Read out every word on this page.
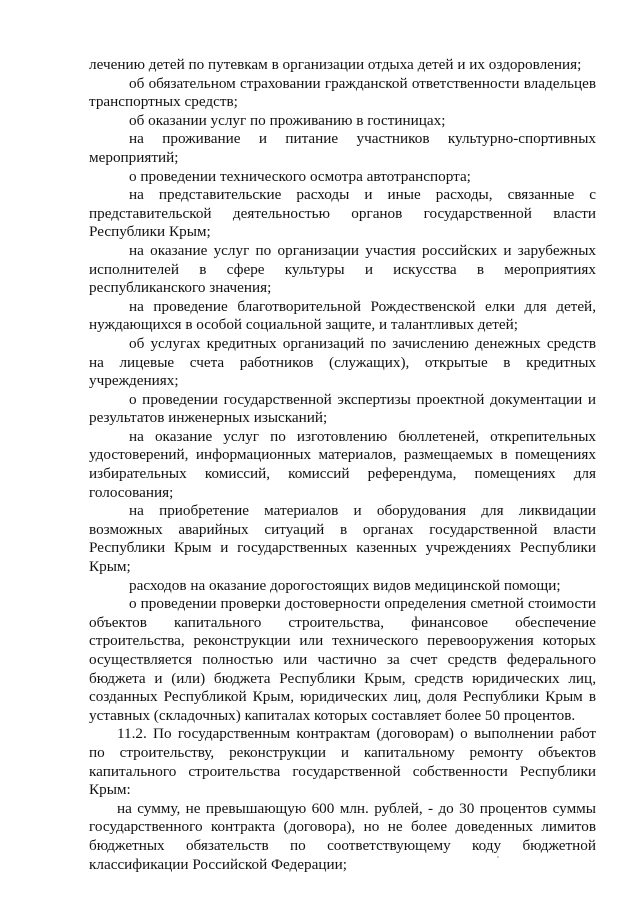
лечению детей по путевкам в организации отдыха детей и их оздоровления;

об обязательном страховании гражданской ответственности владельцев транспортных средств;

об оказании услуг по проживанию в гостиницах;

на проживание и питание участников культурно-спортивных мероприятий;

о проведении технического осмотра автотранспорта;

на представительские расходы и иные расходы, связанные с представительской деятельностью органов государственной власти Республики Крым;

на оказание услуг по организации участия российских и зарубежных исполнителей в сфере культуры и искусства в мероприятиях республиканского значения;

на проведение благотворительной Рождественской елки для детей, нуждающихся в особой социальной защите, и талантливых детей;

об услугах кредитных организаций по зачислению денежных средств на лицевые счета работников (служащих), открытые в кредитных учреждениях;

о проведении государственной экспертизы проектной документации и результатов инженерных изысканий;

на оказание услуг по изготовлению бюллетеней, открепительных удостоверений, информационных материалов, размещаемых в помещениях избирательных комиссий, комиссий референдума, помещениях для голосования;

на приобретение материалов и оборудования для ликвидации возможных аварийных ситуаций в органах государственной власти Республики Крым и государственных казенных учреждениях Республики Крым;

расходов на оказание дорогостоящих видов медицинской помощи;

о проведении проверки достоверности определения сметной стоимости объектов капитального строительства, финансовое обеспечение строительства, реконструкции или технического перевооружения которых осуществляется полностью или частично за счет средств федерального бюджета и (или) бюджета Республики Крым, средств юридических лиц, созданных Республикой Крым, юридических лиц, доля Республики Крым в уставных (складочных) капиталах которых составляет более 50 процентов.

11.2. По государственным контрактам (договорам) о выполнении работ по строительству, реконструкции и капитальному ремонту объектов капитального строительства государственной собственности Республики Крым:

на сумму, не превышающую 600 млн. рублей, - до 30 процентов суммы государственного контракта (договора), но не более доведенных лимитов бюджетных обязательств по соответствующему коду бюджетной классификации Российской Федерации;
